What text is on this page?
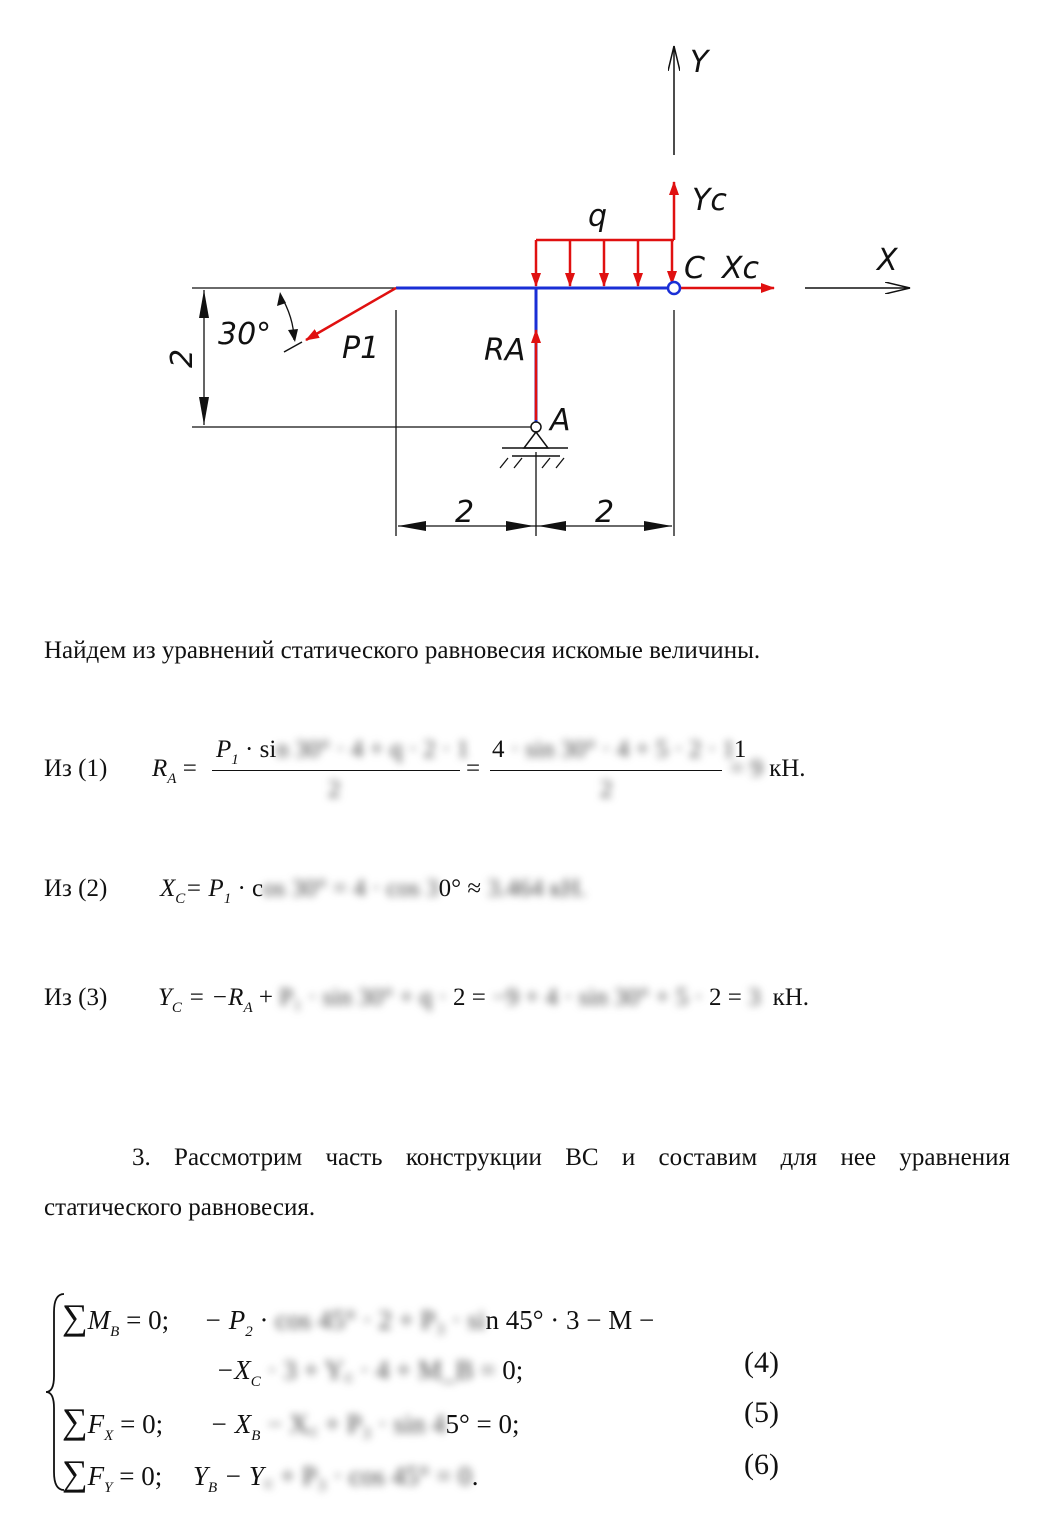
Y
X
2
2	2
q	Yc
Xc
C
RA
A
P1
30°
Найдем из уравнений статического равновесия искомые величины.
Из (1) $R_A$ =
$P_1 \cdot \sin 30^\circ \cdot 4 + q \cdot 2 \cdot 1$
2
=
4 · sin 30° · 4 + 5 · 2 · 11
2
= 9 кН.
Из (2) $X_C= P_1 \cdot \cos 30^\circ = 4 \cdot \cos 30^\circ \approx 3.464$ кН.
Из (3) $Y_C = -R_A + P_1 \cdot \sin 30^\circ + q \cdot 2 = -9 + 4 \cdot \sin 30^\circ + 5 \cdot 2 = 3$ кН.
3. Рассмотрим часть конструкции ВС и составим для нее уравнения
статического равновесия.
$\sum M_B = 0$; − $P_2 \cdot \cos 45^\circ \cdot 2 + P_3 \cdot \sin 45^\circ \cdot 3 - M$ −
$-X_C \cdot 3$ + Y꜀ · 4 + M_B = 0;	(4)
$\sum F_X = 0$; − $X_B$ − X꜀ + P₃ · sin 45° = 0;	(5)
$\sum F_Y = 0$; $Y_B$ − Y꜀ + P₃ · cos 45° = 0.	(6)
